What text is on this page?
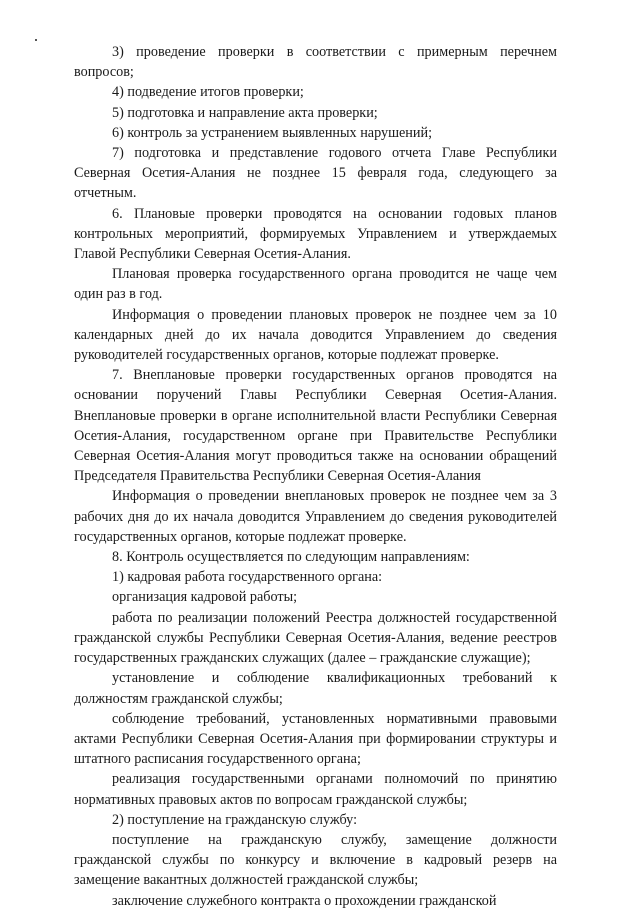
3) проведение проверки в соответствии с примерным перечнем вопросов;

4) подведение итогов проверки;

5) подготовка и направление акта проверки;

6) контроль за устранением выявленных нарушений;

7) подготовка и представление годового отчета Главе Республики Северная Осетия-Алания не позднее 15 февраля года, следующего за отчетным.

6. Плановые проверки проводятся на основании годовых планов контрольных мероприятий, формируемых Управлением и утверждаемых Главой Республики Северная Осетия-Алания.

Плановая проверка государственного органа проводится не чаще чем один раз в год.

Информация о проведении плановых проверок не позднее чем за 10 календарных дней до их начала доводится Управлением до сведения руководителей государственных органов, которые подлежат проверке.

7. Внеплановые проверки государственных органов проводятся на основании поручений Главы Республики Северная Осетия-Алания. Внеплановые проверки в органе исполнительной власти Республики Северная Осетия-Алания, государственном органе при Правительстве Республики Северная Осетия-Алания могут проводиться также на основании обращений Председателя Правительства Республики Северная Осетия-Алания

Информация о проведении внеплановых проверок не позднее чем за 3 рабочих дня до их начала доводится Управлением до сведения руководителей государственных органов, которые подлежат проверке.

8. Контроль осуществляется по следующим направлениям:

1) кадровая работа государственного органа:

организация кадровой работы;

работа по реализации положений Реестра должностей государственной гражданской службы Республики Северная Осетия-Алания, ведение реестров государственных гражданских служащих (далее – гражданские служащие);

установление и соблюдение квалификационных требований к должностям гражданской службы;

соблюдение требований, установленных нормативными правовыми актами Республики Северная Осетия-Алания при формировании структуры и штатного расписания государственного органа;

реализация государственными органами полномочий по принятию нормативных правовых актов по вопросам гражданской службы;

2) поступление на гражданскую службу:

поступление на гражданскую службу, замещение должности гражданской службы по конкурсу и включение в кадровый резерв на замещение вакантных должностей гражданской службы;

заключение служебного контракта о прохождении гражданской
